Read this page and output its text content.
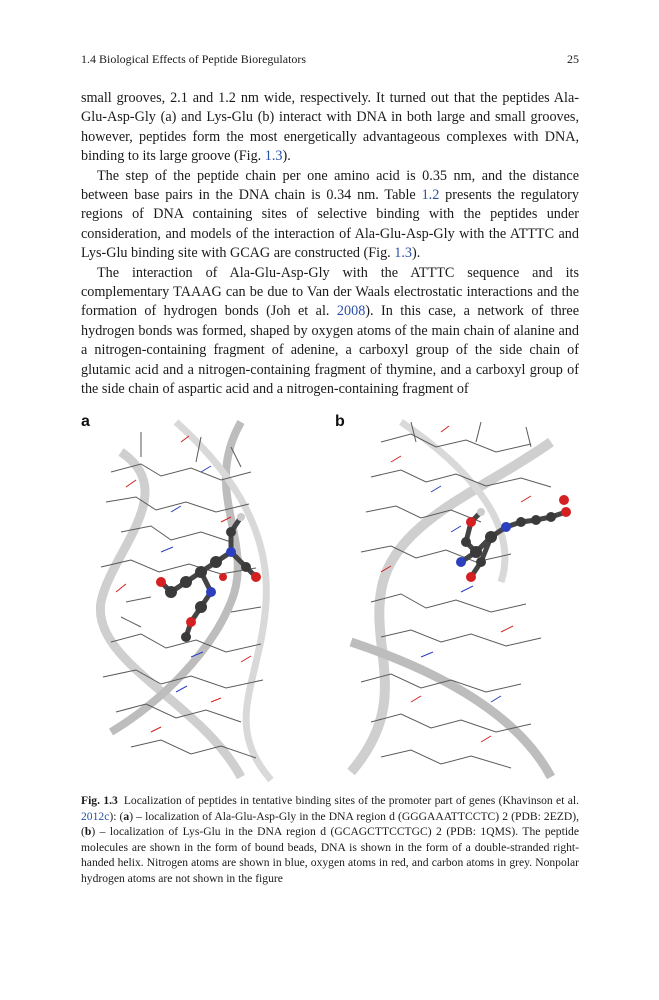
1.4 Biological Effects of Peptide Bioregulators	25

small grooves, 2.1 and 1.2 nm wide, respectively. It turned out that the peptides Ala-Glu-Asp-Gly (a) and Lys-Glu (b) interact with DNA in both large and small grooves, however, peptides form the most energetically advantageous complexes with DNA, binding to its large groove (Fig. 1.3).

The step of the peptide chain per one amino acid is 0.35 nm, and the distance between base pairs in the DNA chain is 0.34 nm. Table 1.2 presents the regulatory regions of DNA containing sites of selective binding with the peptides under consideration, and models of the interaction of Ala-Glu-Asp-Gly with the ATTTC and Lys-Glu binding site with GCAG are constructed (Fig. 1.3).

The interaction of Ala-Glu-Asp-Gly with the ATTTC sequence and its complementary TAAAG can be due to Van der Waals electrostatic interactions and the formation of hydrogen bonds (Joh et al. 2008). In this case, a network of three hydrogen bonds was formed, shaped by oxygen atoms of the main chain of alanine and a nitrogen-containing fragment of adenine, a carboxyl group of the side chain of glutamic acid and a nitrogen-containing fragment of thymine, and a carboxyl group of the side chain of aspartic acid and a nitrogen-containing fragment of

a	b
Fig. 1.3 Localization of peptides in tentative binding sites of the promoter part of genes (Khavinson et al. 2012c): (a) – localization of Ala-Glu-Asp-Gly in the DNA region d (GGGAAATTCCTC) 2 (PDB: 2EZD), (b) – localization of Lys-Glu in the DNA region d (GCAGCTTCCTGC) 2 (PDB: 1QMS). The peptide molecules are shown in the form of bound beads, DNA is shown in the form of a double-stranded right-handed helix. Nitrogen atoms are shown in blue, oxygen atoms in red, and carbon atoms in grey. Nonpolar hydrogen atoms are not shown in the figure
